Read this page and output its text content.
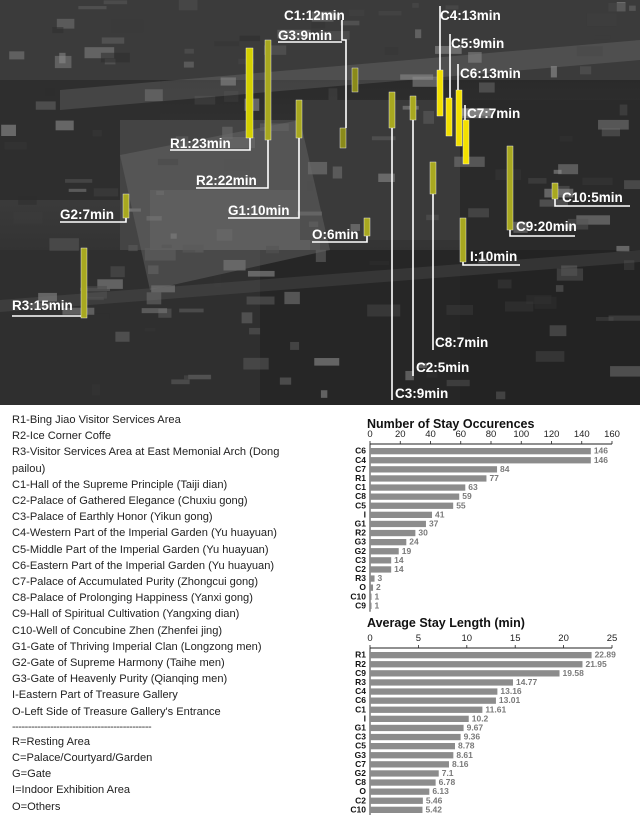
C1:12min
G3:9min
C4:13min
C5:9min
C6:13min
C7:7min
R1:23min
R2:22min
G1:10min
G2:7min
O:6min
C10:5min
C9:20min
I:10min
R3:15min
C8:7min
C2:5min
C3:9min
R1-Bing Jiao Visitor Services Area
R2-Ice Corner Coffe
R3-Visitor Services Area at East Memonial Arch (Dong
pailou)
C1-Hall of the Supreme Principle (Taiji dian)
C2-Palace of Gathered Elegance (Chuxiu gong)
C3-Palace of Earthly Honor (Yikun gong)
C4-Western Part of the Imperial Garden (Yu huayuan)
C5-Middle Part of the Imperial Garden (Yu huayuan)
C6-Eastern Part of the Imperial Garden (Yu huayuan)
C7-Palace of Accumulated Purity (Zhongcui gong)
C8-Palace of Prolonging Happiness (Yanxi gong)
C9-Hall of Spiritual Cultivation (Yangxing dian)
C10-Well of Concubine Zhen (Zhenfei jing)
G1-Gate of Thriving Imperial Clan (Longzong men)
G2-Gate of Supreme Harmony (Taihe men)
G3-Gate of Heavenly Purity (Qianqing men)
I-Eastern Part of Treasure Gallery
O-Left Side of Treasure Gallery's Entrance
--------------------------------------------
R=Resting Area
C=Palace/Courtyard/Garden
G=Gate
I=Indoor Exhibition Area
O=Others
Number of Stay Occurences
0 20 40 60 80 100 120 140 160
C6	146
C4	146
C7	84
R1	77
C1	63
C8	59
C5	55
I	41
G1	37
R2	30
G3	24
G2	19
C3	14
C2	14
R3 3
O 2
C10 1
C9 1
Average Stay Length (min)
0	5	10	15	20	25
R1	22.89
R2	21.95
C9	19.58
R3	14.77
C4	13.16
C6	13.01
C1	11.61
I	10.2
G1	9.67
C3	9.36
C5	8.78
G3	8.61
C7	8.16
G2	7.1
C8	6.78
O	6.13
C2	5.46
C10	5.42
